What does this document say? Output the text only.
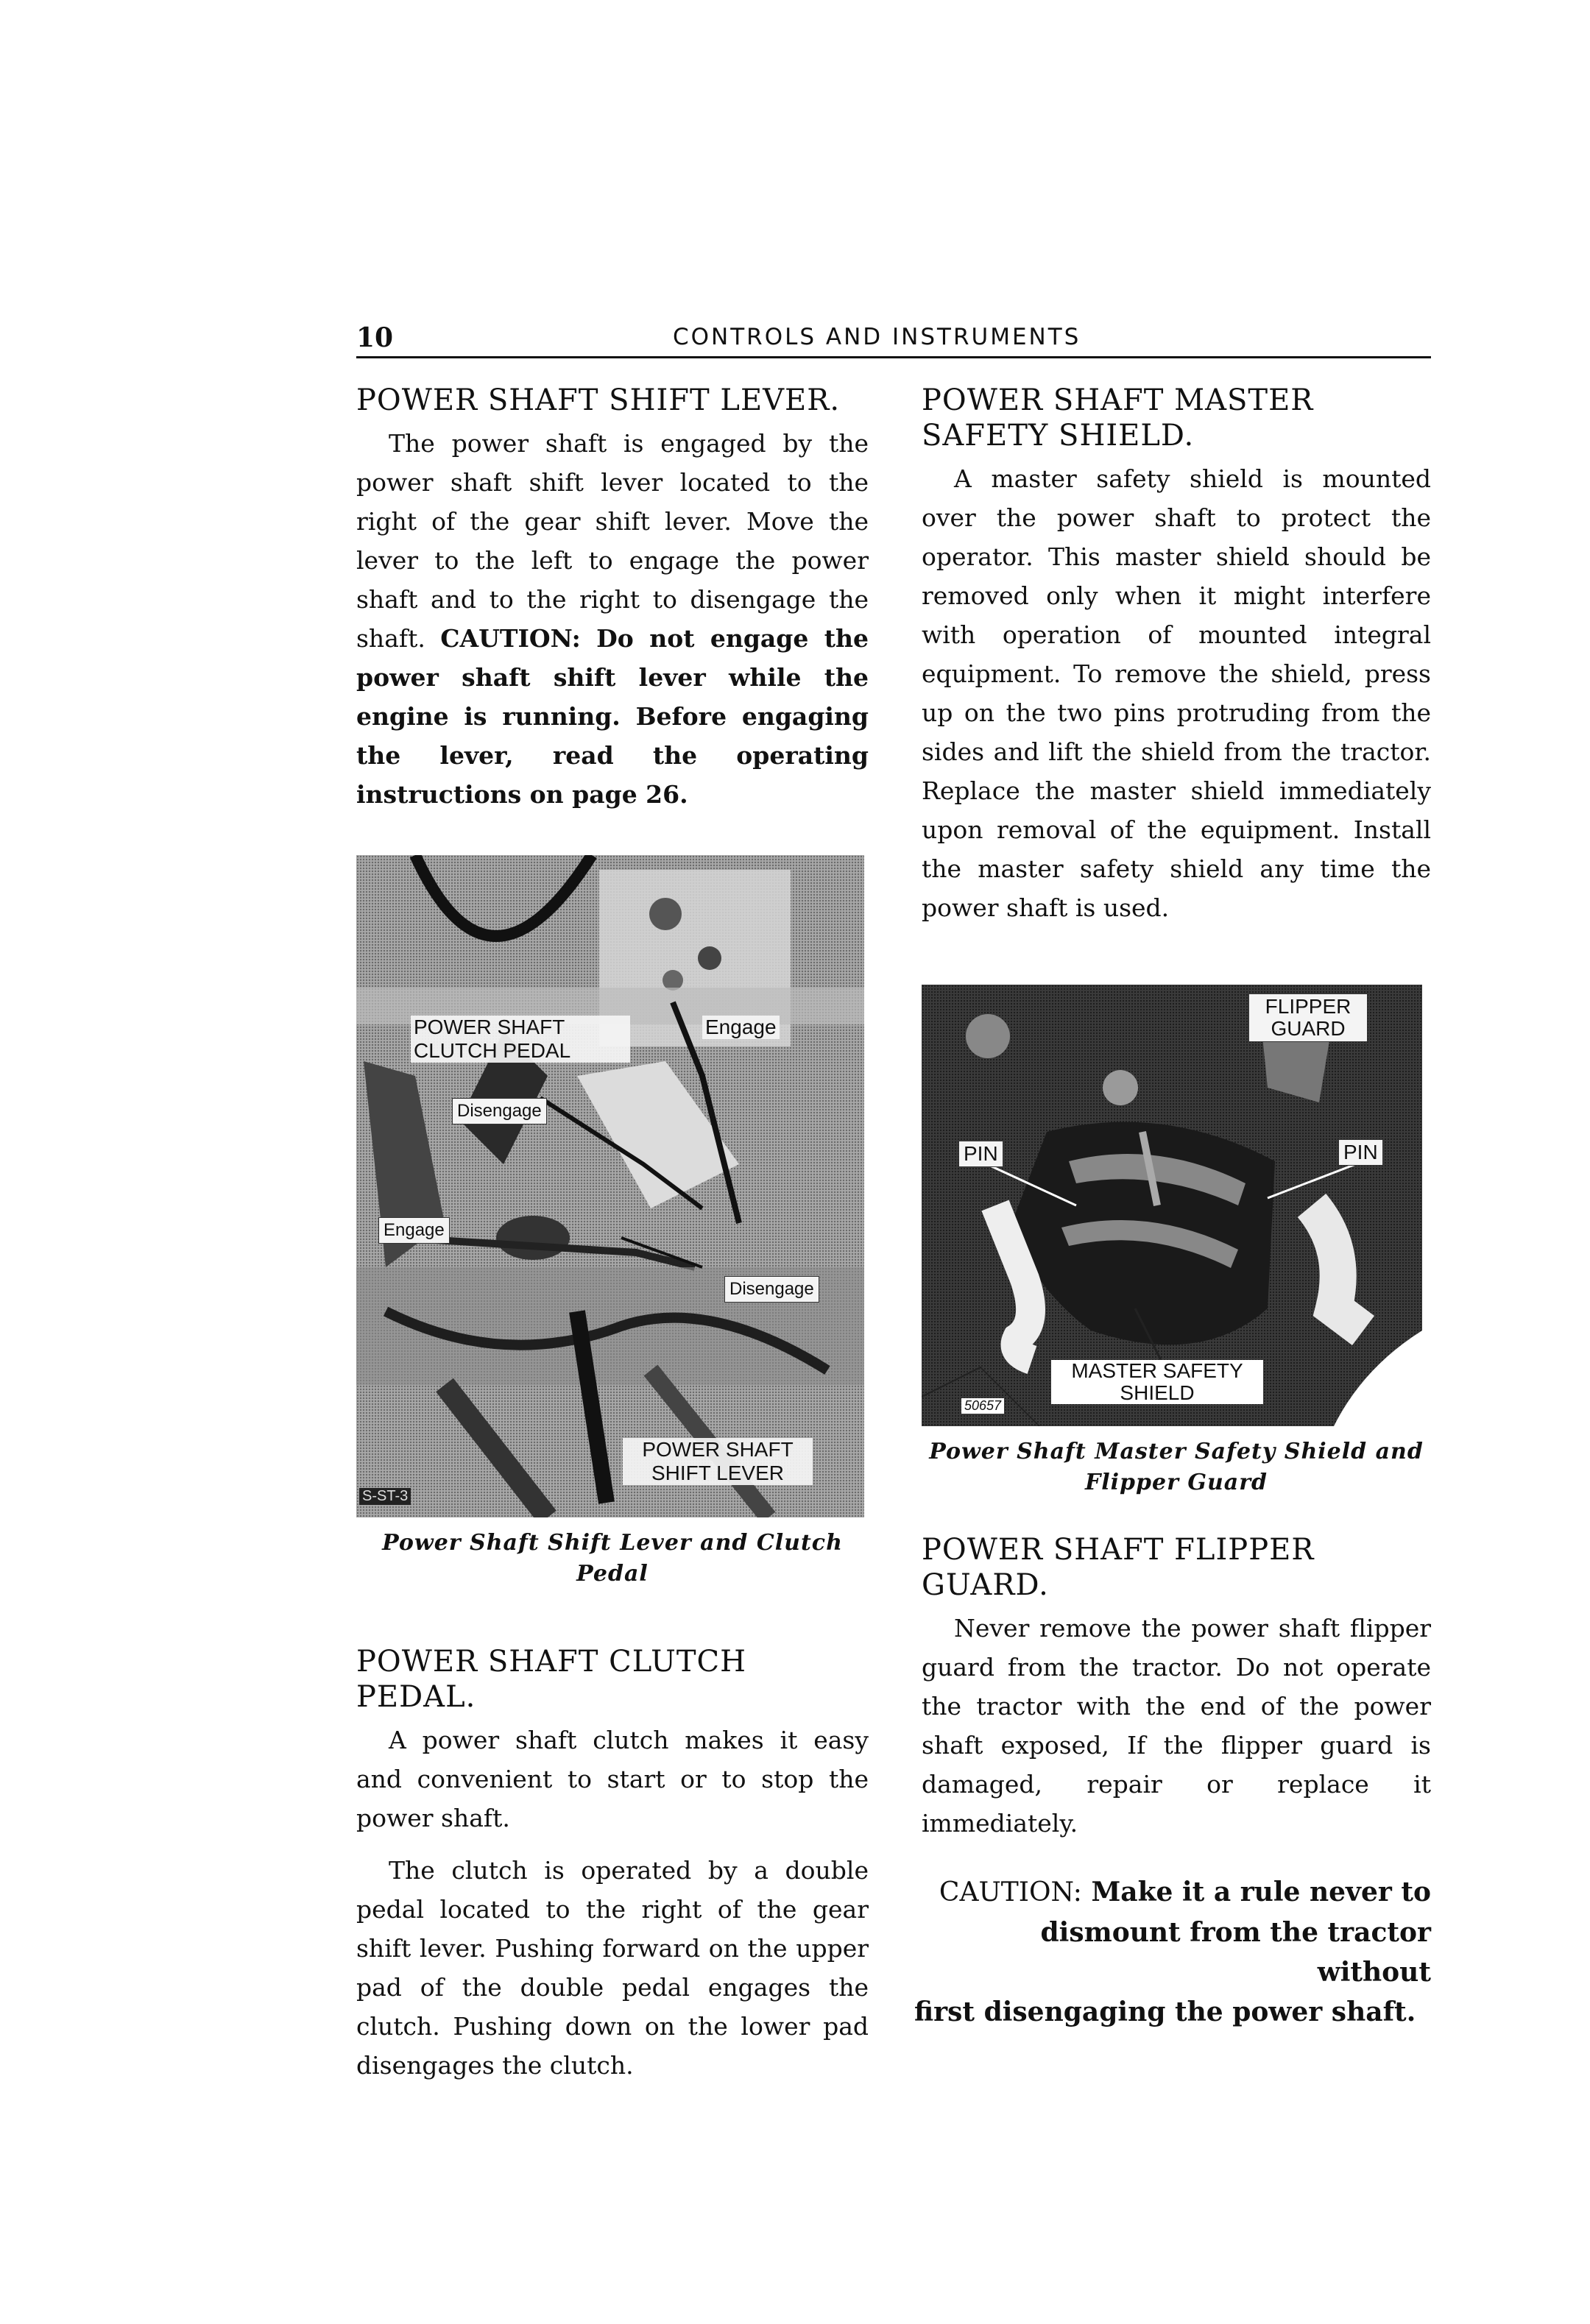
10	CONTROLS AND INSTRUMENTS
POWER SHAFT SHIFT LEVER.

The power shaft is engaged by the power shaft shift lever located to the right of the gear shift lever. Move the lever to the left to engage the power shaft and to the right to disengage the shaft. CAUTION: Do not engage the power shaft shift lever while the engine is running. Before engaging the lever, read the operating instructions on page 26.

POWER SHAFT CLUTCH PEDAL
Engage
Disengage
Engage
Disengage
POWER SHAFT SHIFT LEVER
S-ST-3
Power Shaft Shift Lever and Clutch Pedal
POWER SHAFT CLUTCH PEDAL.

A power shaft clutch makes it easy and convenient to start or to stop the power shaft.

The clutch is operated by a double pedal located to the right of the gear shift lever. Pushing forward on the upper pad of the double pedal engages the clutch. Pushing down on the lower pad disengages the clutch.

POWER SHAFT MASTER SAFETY SHIELD.

A master safety shield is mounted over the power shaft to protect the operator. This master shield should be removed only when it might interfere with operation of mounted integral equipment. To remove the shield, press up on the two pins protruding from the sides and lift the shield from the tractor. Replace the master shield immediately upon removal of the equipment. Install the master safety shield any time the power shaft is used.

FLIPPER GUARD
PIN	PIN
MASTER SAFETY SHIELD
50657
Power Shaft Master Safety Shield and Flipper Guard
POWER SHAFT FLIPPER GUARD.

Never remove the power shaft flipper guard from the tractor. Do not operate the tractor with the end of the power shaft exposed, If the flipper guard is damaged, repair or replace it immediately.

CAUTION: Make it a rule never to dismount from the tractor without
first disengaging the power shaft.
